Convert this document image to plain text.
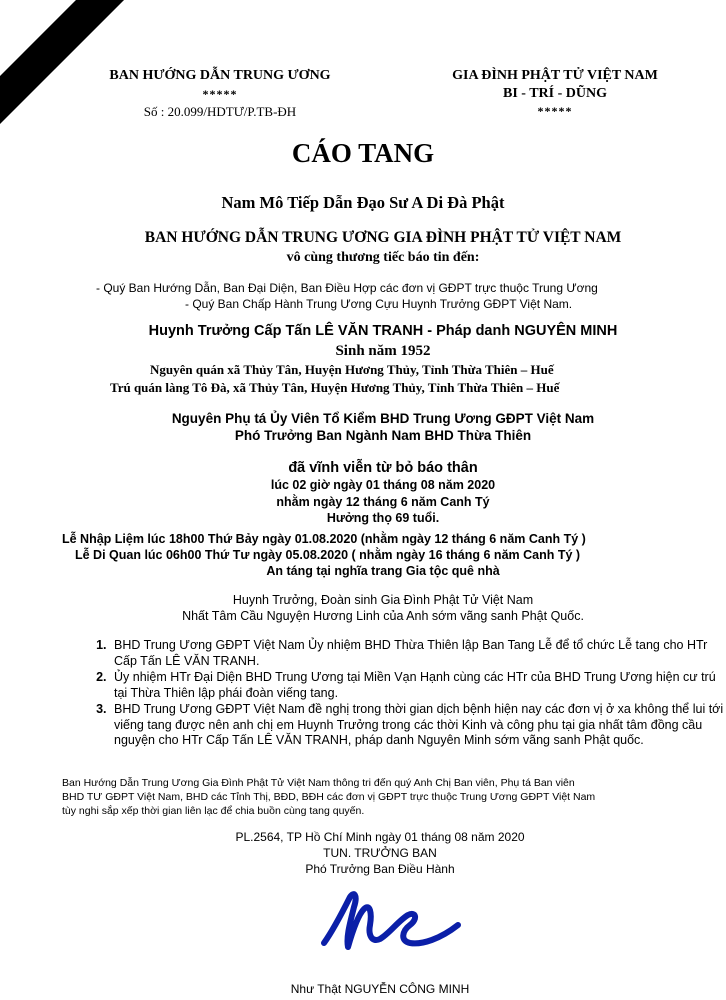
BAN HƯỚNG DẪN TRUNG ƯƠNG
*****
Số : 20.099/HDTƯ/P.TB-ĐH
GIA ĐÌNH PHẬT TỬ VIỆT NAM
BI - TRÍ - DŨNG
*****
CÁO TANG
Nam Mô Tiếp Dẫn Đạo Sư A Di Đà Phật
BAN HƯỚNG DẪN TRUNG ƯƠNG GIA ĐÌNH PHẬT TỬ VIỆT NAM
vô cùng thương tiếc báo tin đến:
- Quý Ban Hướng Dẫn, Ban Đại Diện, Ban Điều Hợp các đơn vị GĐPT trực thuộc Trung Ương
- Quý Ban Chấp Hành Trung Ương Cựu Huynh Trưởng GĐPT Việt Nam.
Huynh Trưởng Cấp Tấn LÊ VĂN TRANH - Pháp danh NGUYÊN MINH
Sinh năm 1952
Nguyên quán xã Thủy Tân, Huyện Hương Thủy, Tỉnh Thừa Thiên – Huế
Trú quán làng Tô Đà, xã Thủy Tân, Huyện Hương Thủy, Tỉnh Thừa Thiên – Huế
Nguyên Phụ tá Ủy Viên Tổ Kiểm BHD Trung Ương GĐPT Việt Nam
Phó Trưởng Ban Ngành Nam BHD Thừa Thiên
đã vĩnh viễn từ bỏ báo thân
lúc 02 giờ ngày 01 tháng 08 năm 2020
nhằm ngày 12 tháng 6 năm Canh Tý
Hưởng thọ 69 tuổi.
Lễ Nhập Liệm lúc 18h00 Thứ Bảy ngày 01.08.2020 (nhằm ngày 12 tháng 6 năm Canh Tý )
Lễ Di Quan lúc 06h00 Thứ Tư ngày 05.08.2020 ( nhằm ngày 16 tháng 6 năm Canh Tý )
An táng tại nghĩa trang Gia tộc quê nhà
Huynh Trưởng, Đoàn sinh Gia Đình Phật Tử Việt Nam
Nhất Tâm Cầu Nguyện Hương Linh của Anh sớm vãng sanh Phật Quốc.
1. BHD Trung Ương GĐPT Việt Nam Ủy nhiệm BHD Thừa Thiên lập Ban Tang Lễ để tổ chức Lễ tang cho HTr Cấp Tấn LÊ VĂN TRANH.
2. Ủy nhiệm HTr Đại Diện BHD Trung Ương tại Miền Vạn Hạnh cùng các HTr của BHD Trung Ương hiện cư trú tại Thừa Thiên lập phái đoàn viếng tang.
3. BHD Trung Ương GĐPT Việt Nam đề nghị trong thời gian dịch bệnh hiện nay các đơn vị ở xa không thể lui tới viếng tang được nên anh chị em Huynh Trưởng trong các thời Kinh và công phu tại gia nhất tâm đồng cầu nguyện cho HTr Cấp Tấn LÊ VĂN TRANH, pháp danh Nguyên Minh sớm vãng sanh Phật quốc.
Ban Hướng Dẫn Trung Ương Gia Đình Phật Tử Việt Nam thông tri đến quý Anh Chị Ban viên, Phụ tá Ban viên
BHD TƯ GĐPT Việt Nam, BHD các Tỉnh Thị, BĐD, BĐH các đơn vị GĐPT trực thuộc Trung Ương GĐPT Việt Nam
tùy nghi sắp xếp thời gian liên lạc để chia buồn cùng tang quyến.
PL.2564, TP Hồ Chí Minh ngày 01 tháng 08 năm 2020
TUN. TRƯỞNG BAN
Phó Trưởng Ban Điều Hành
Như Thật NGUYỄN CÔNG MINH
